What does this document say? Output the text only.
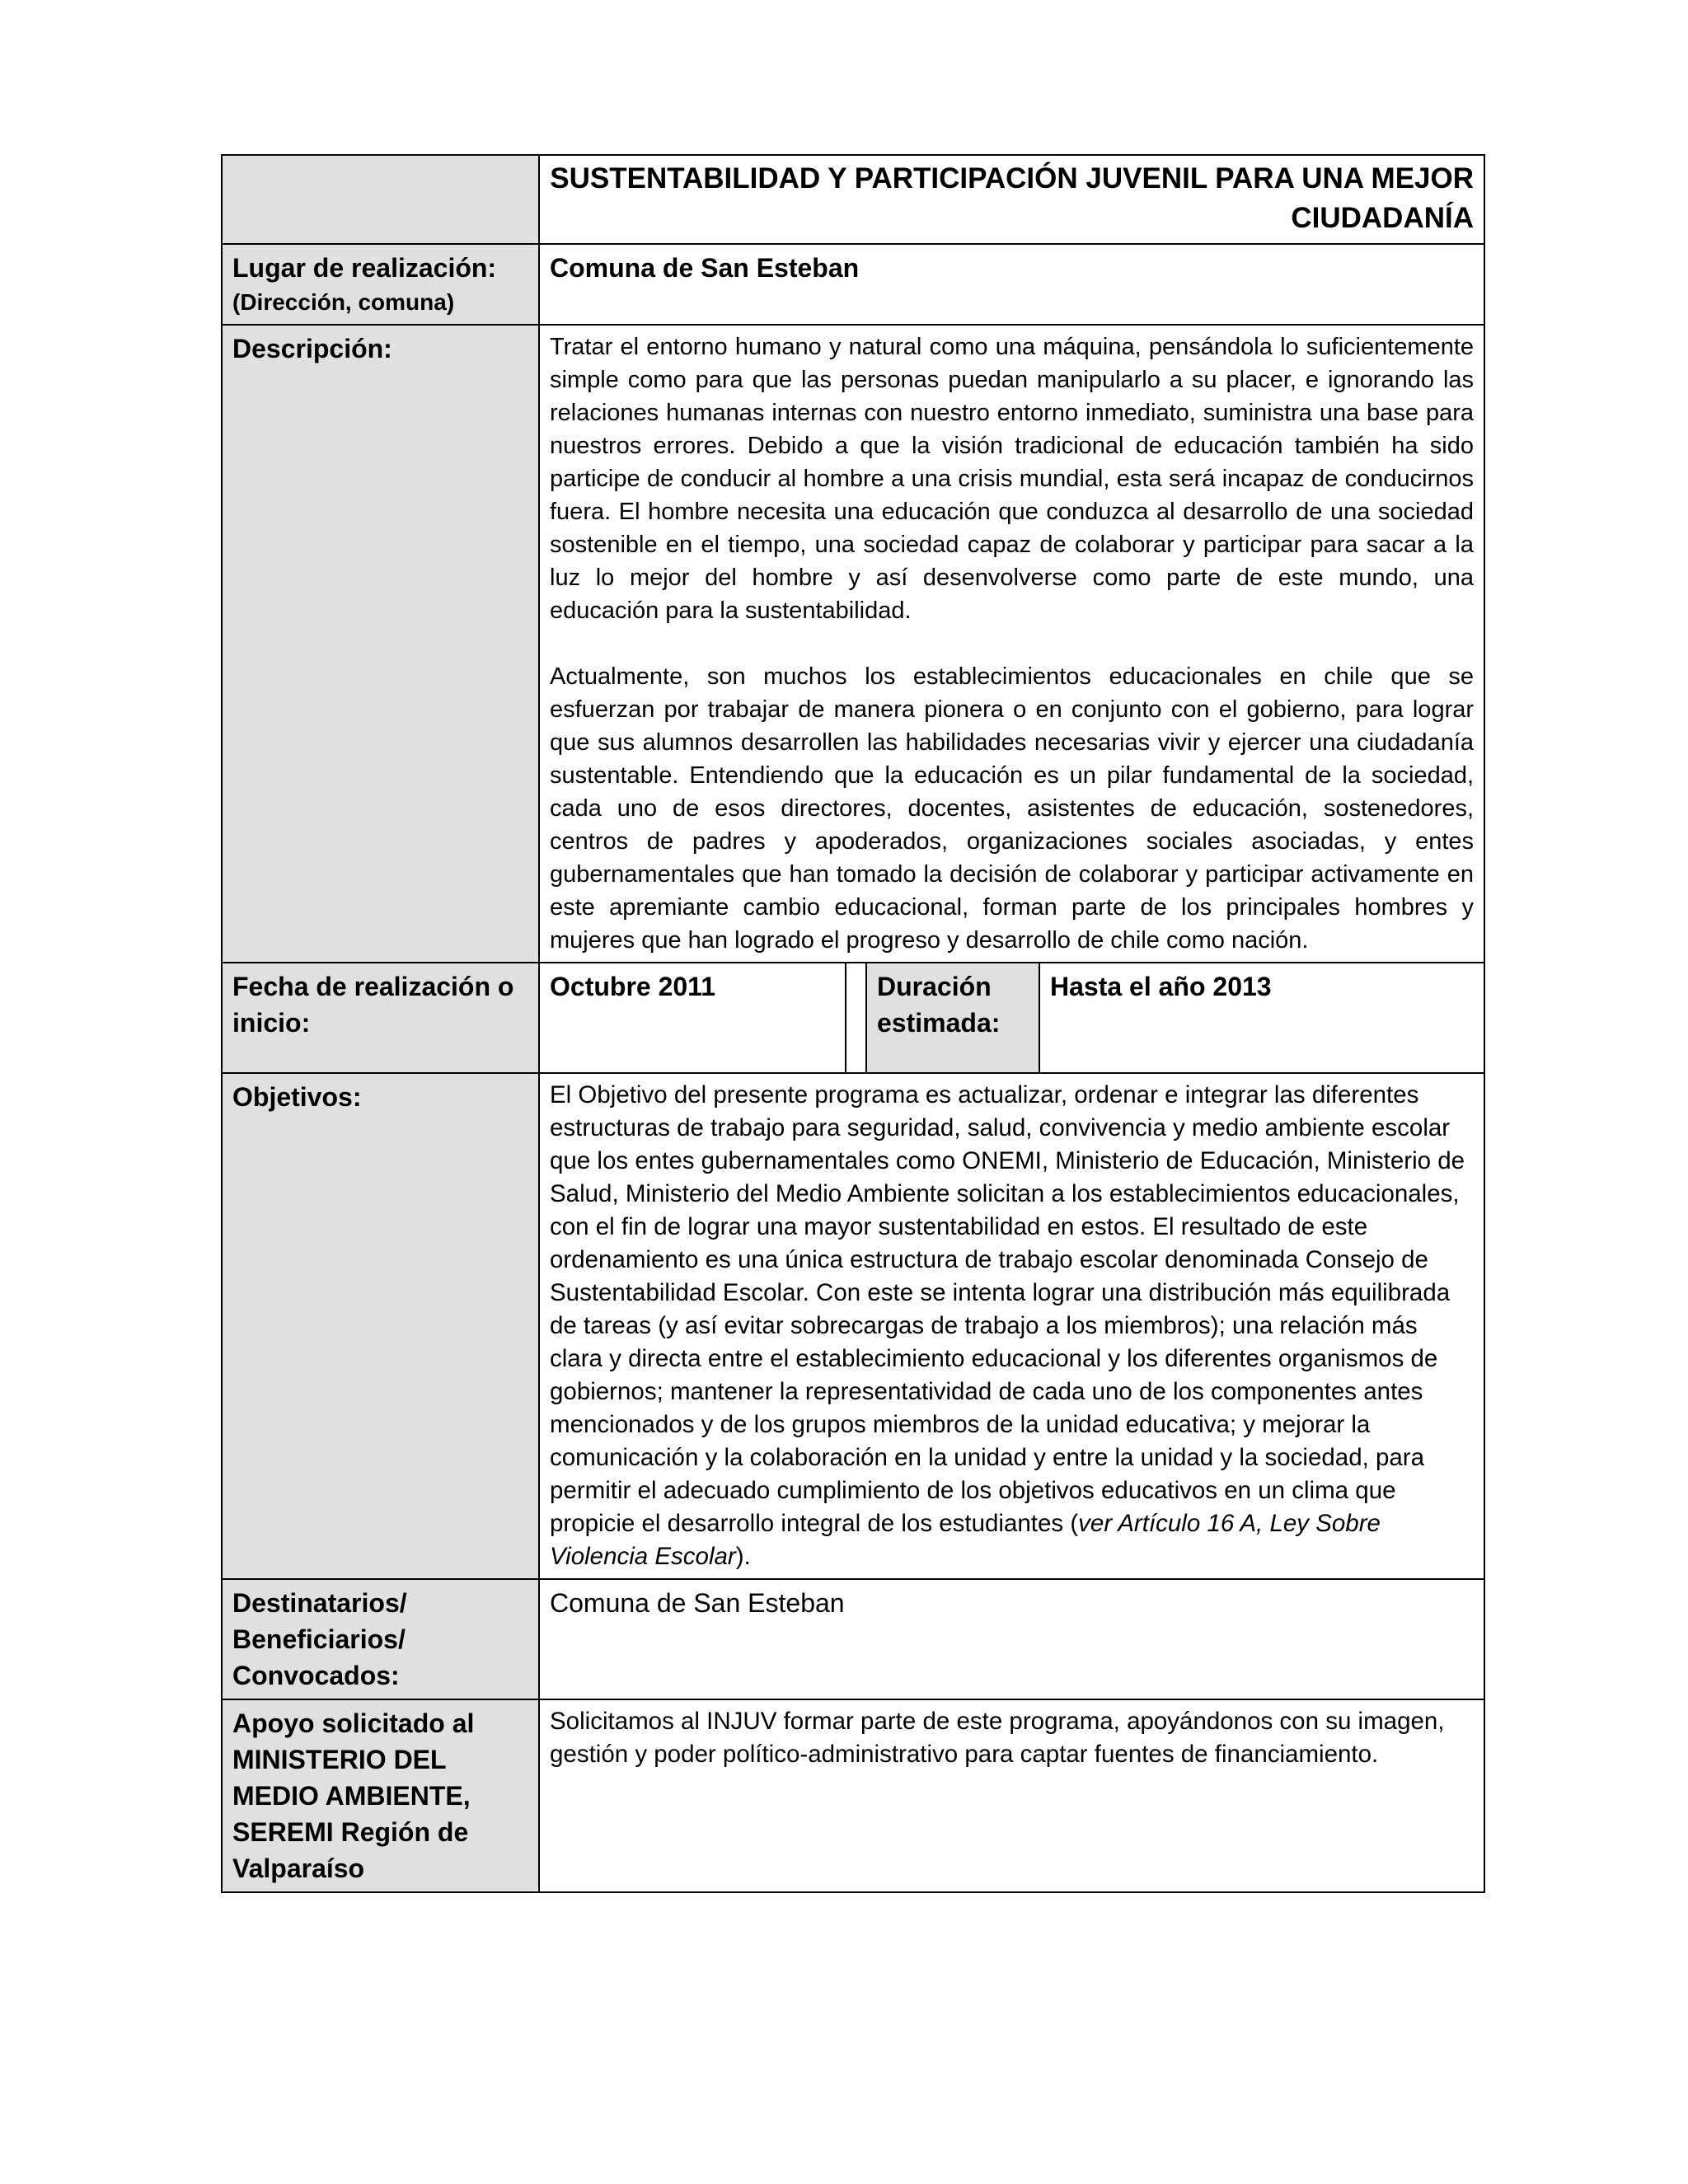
	SUSTENTABILIDAD Y PARTICIPACIÓN JUVENIL PARA UNA MEJOR CIUDADANÍA			
Lugar de realización:
(Dirección, comuna)	Comuna de San Esteban			
Descripción:	Tratar el entorno humano y natural como una máquina, pensándola lo suficientemente simple como para que las personas puedan manipularlo a su placer, e ignorando las relaciones humanas internas con nuestro entorno inmediato, suministra una base para nuestros errores. Debido a que la visión tradicional de educación también ha sido participe de conducir al hombre a una crisis mundial, esta será incapaz de conducirnos fuera. El hombre necesita una educación que conduzca al desarrollo de una sociedad sostenible en el tiempo, una sociedad capaz de colaborar y participar para sacar a la luz lo mejor del hombre y así desenvolverse como parte de este mundo, una educación para la sustentabilidad.
Actualmente, son muchos los establecimientos educacionales en chile que se esfuerzan por trabajar de manera pionera o en conjunto con el gobierno, para lograr que sus alumnos desarrollen las habilidades necesarias vivir y ejercer una ciudadanía sustentable. Entendiendo que la educación es un pilar fundamental de la sociedad, cada uno de esos directores, docentes, asistentes de educación, sostenedores, centros de padres y apoderados, organizaciones sociales asociadas, y entes gubernamentales que han tomado la decisión de colaborar y participar activamente en este apremiante cambio educacional, forman parte de los principales hombres y mujeres que han logrado el progreso y desarrollo de chile como nación.			

Fecha de realización o inicio:	Octubre 2011		Duración estimada:	Hasta el año 2013
Objetivos:	El Objetivo del presente programa es actualizar, ordenar e integrar las diferentes estructuras de trabajo para seguridad, salud, convivencia y medio ambiente escolar que los entes gubernamentales como ONEMI, Ministerio de Educación, Ministerio de Salud, Ministerio del Medio Ambiente solicitan a los establecimientos educacionales, con el fin de lograr una mayor sustentabilidad en estos. El resultado de este ordenamiento es una única estructura de trabajo escolar denominada Consejo de Sustentabilidad Escolar. Con este se intenta lograr una distribución más equilibrada de tareas (y así evitar sobrecargas de trabajo a los miembros); una relación más clara y directa entre el establecimiento educacional y los diferentes organismos de gobiernos; mantener la representatividad de cada uno de los componentes antes mencionados y de los grupos miembros de la unidad educativa; y mejorar la comunicación y la colaboración en la unidad y entre la unidad y la sociedad, para permitir el adecuado cumplimiento de los objetivos educativos en un clima que propicie el desarrollo integral de los estudiantes (ver Artículo 16 A, Ley Sobre Violencia Escolar).			
Destinatarios/ Beneficiarios/ Convocados:	Comuna de San Esteban			
Apoyo solicitado al MINISTERIO DEL MEDIO AMBIENTE, SEREMI Región de Valparaíso	Solicitamos al INJUV formar parte de este programa, apoyándonos con su imagen, gestión y poder político-administrativo para captar fuentes de financiamiento.			
